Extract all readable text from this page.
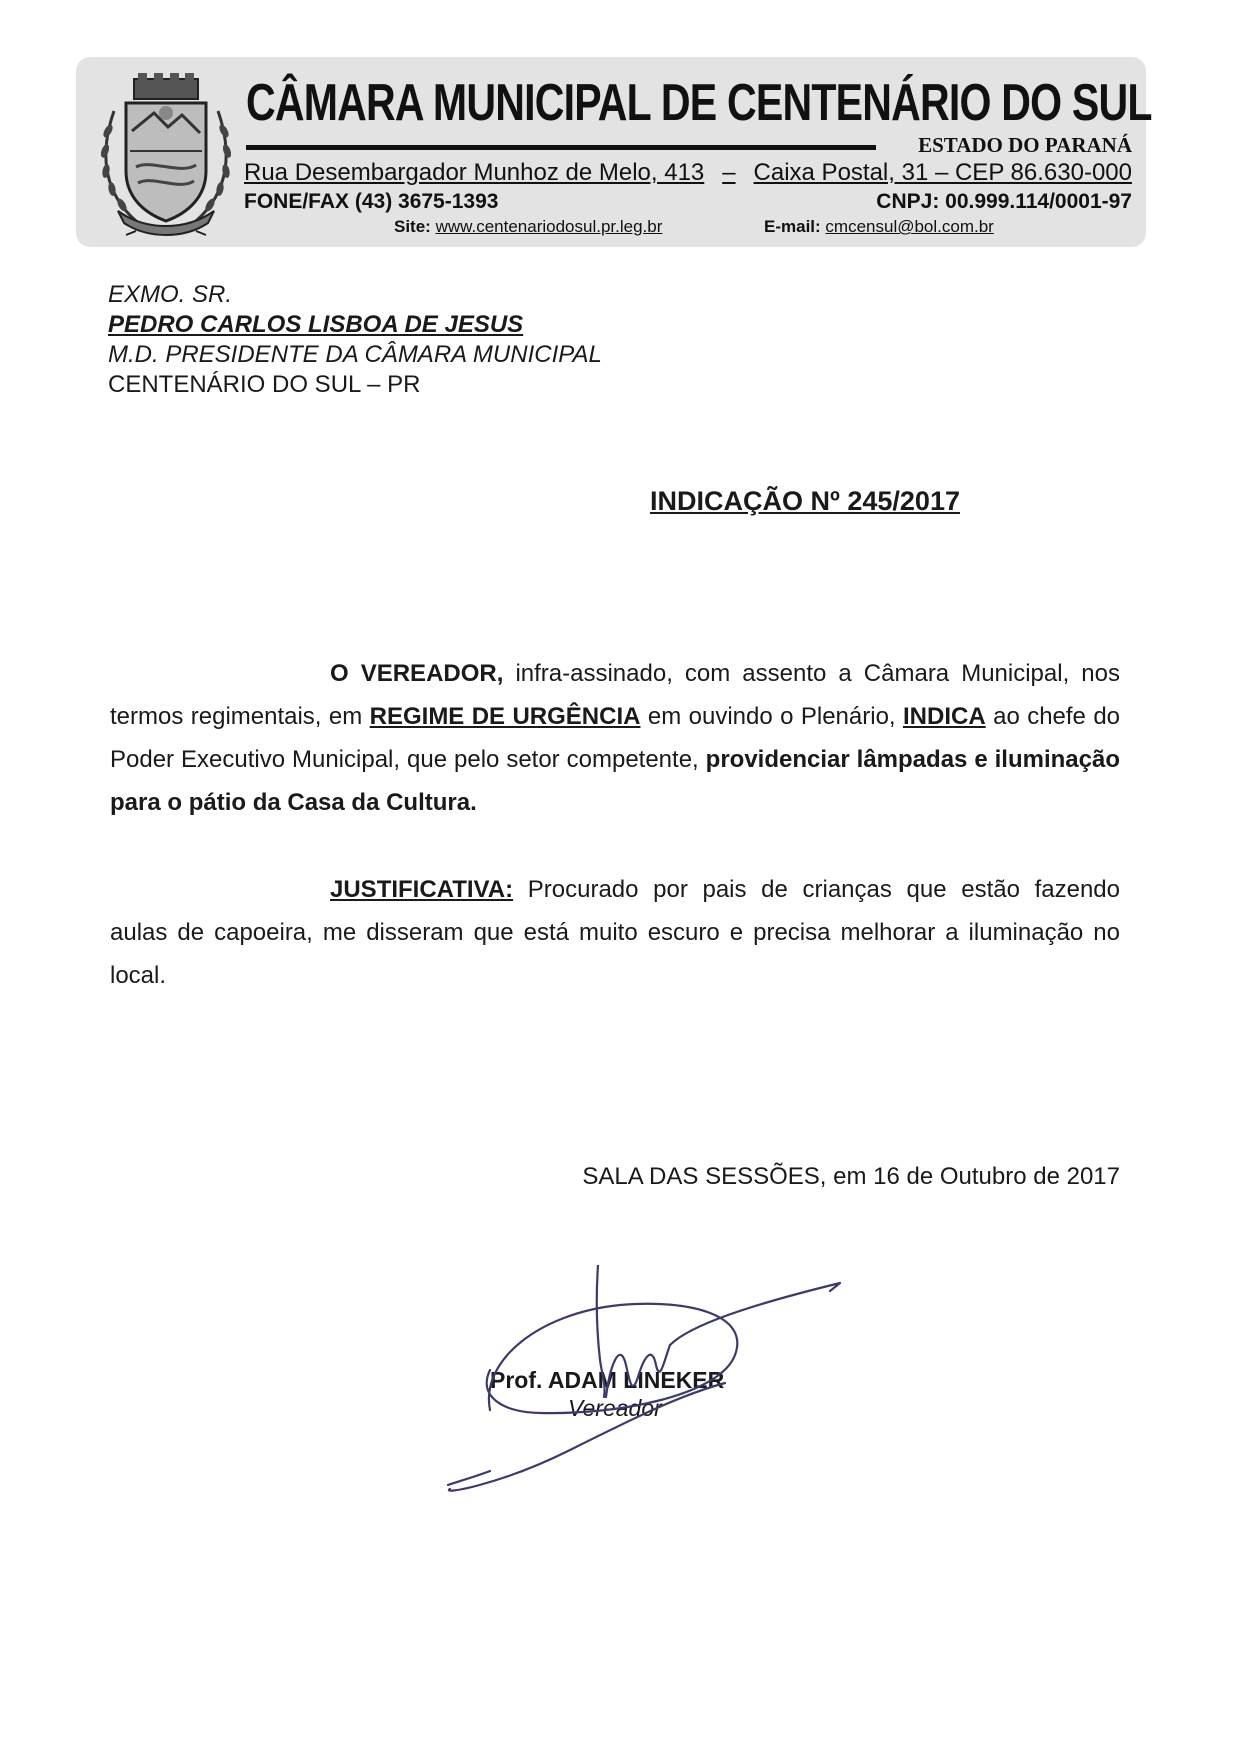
CÂMARA MUNICIPAL DE CENTENÁRIO DO SUL
ESTADO DO PARANÁ
Rua Desembargador Munhoz de Melo, 413 – Caixa Postal, 31 – CEP 86.630-000
FONE/FAX (43) 3675-1393	CNPJ: 00.999.114/0001-97
Site: www.centenariodosul.pr.leg.br	E-mail: cmcensul@bol.com.br
EXMO. SR.
PEDRO CARLOS LISBOA DE JESUS
M.D. PRESIDENTE DA CÂMARA MUNICIPAL
CENTENÁRIO DO SUL – PR
INDICAÇÃO Nº 245/2017

O VEREADOR, infra-assinado, com assento a Câmara Municipal, nos termos regimentais, em REGIME DE URGÊNCIA em ouvindo o Plenário, INDICA ao chefe do Poder Executivo Municipal, que pelo setor competente, providenciar lâmpadas e iluminação para o pátio da Casa da Cultura.

JUSTIFICATIVA: Procurado por pais de crianças que estão fazendo aulas de capoeira, me disseram que está muito escuro e precisa melhorar a iluminação no local.

SALA DAS SESSÕES, em 16 de Outubro de 2017
Prof. ADAM LINEKER
Vereador
